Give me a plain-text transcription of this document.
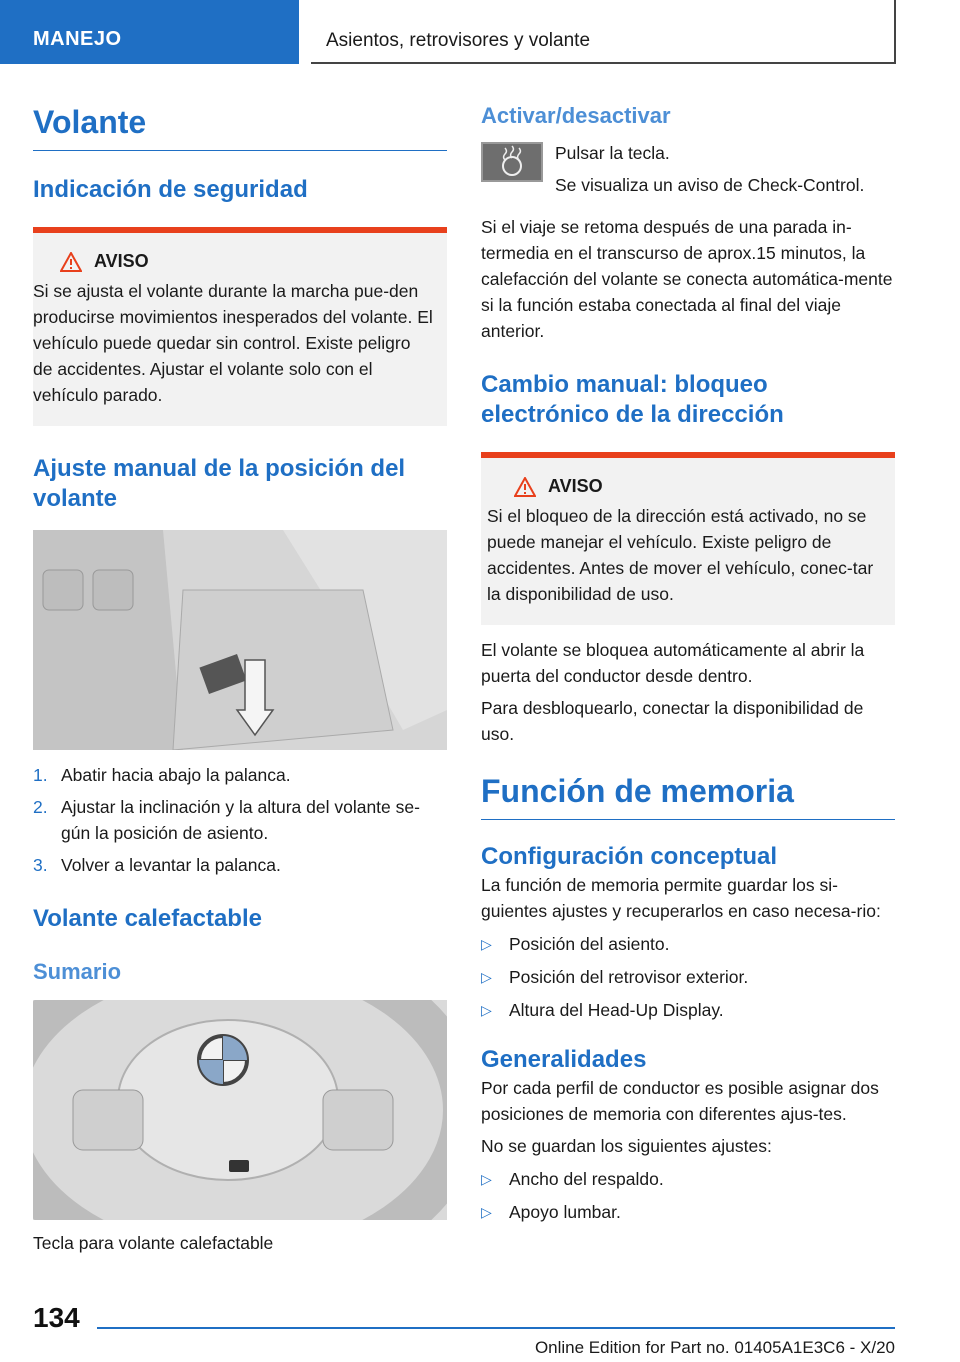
MANEJO	Asientos, retrovisores y volante
Volante
Indicación de seguridad
AVISO

Si se ajusta el volante durante la marcha pue-den producirse movimientos inesperados del volante. El vehículo puede quedar sin control. Existe peligro de accidentes. Ajustar el volante solo con el vehículo parado.

Ajuste manual de la posición del volante
1. Abatir hacia abajo la palanca.
2. Ajustar la inclinación y la altura del volante se-gún la posición de asiento.
3. Volver a levantar la palanca.
Volante calefactable
Sumario

Tecla para volante calefactable

Activar/desactivar

Pulsar la tecla.

Se visualiza un aviso de Check-Control.

Si el viaje se retoma después de una parada in-termedia en el transcurso de aprox.15 minutos, la calefacción del volante se conecta automática-mente si la función estaba conectada al final del viaje anterior.

Cambio manual: bloqueo electrónico de la dirección
AVISO

Si el bloqueo de la dirección está activado, no se puede manejar el vehículo. Existe peligro de accidentes. Antes de mover el vehículo, conec-tar la disponibilidad de uso.

El volante se bloquea automáticamente al abrir la puerta del conductor desde dentro.

Para desbloquearlo, conectar la disponibilidad de uso.

Función de memoria
Configuración conceptual

La función de memoria permite guardar los si-guientes ajustes y recuperarlos en caso necesa-rio:

▷ Posición del asiento.
▷ Posición del retrovisor exterior.
▷ Altura del Head-Up Display.
Generalidades

Por cada perfil de conductor es posible asignar dos posiciones de memoria con diferentes ajus-tes.

No se guardan los siguientes ajustes:

▷ Ancho del respaldo.
▷ Apoyo lumbar.
134
Online Edition for Part no. 01405A1E3C6 - X/20
